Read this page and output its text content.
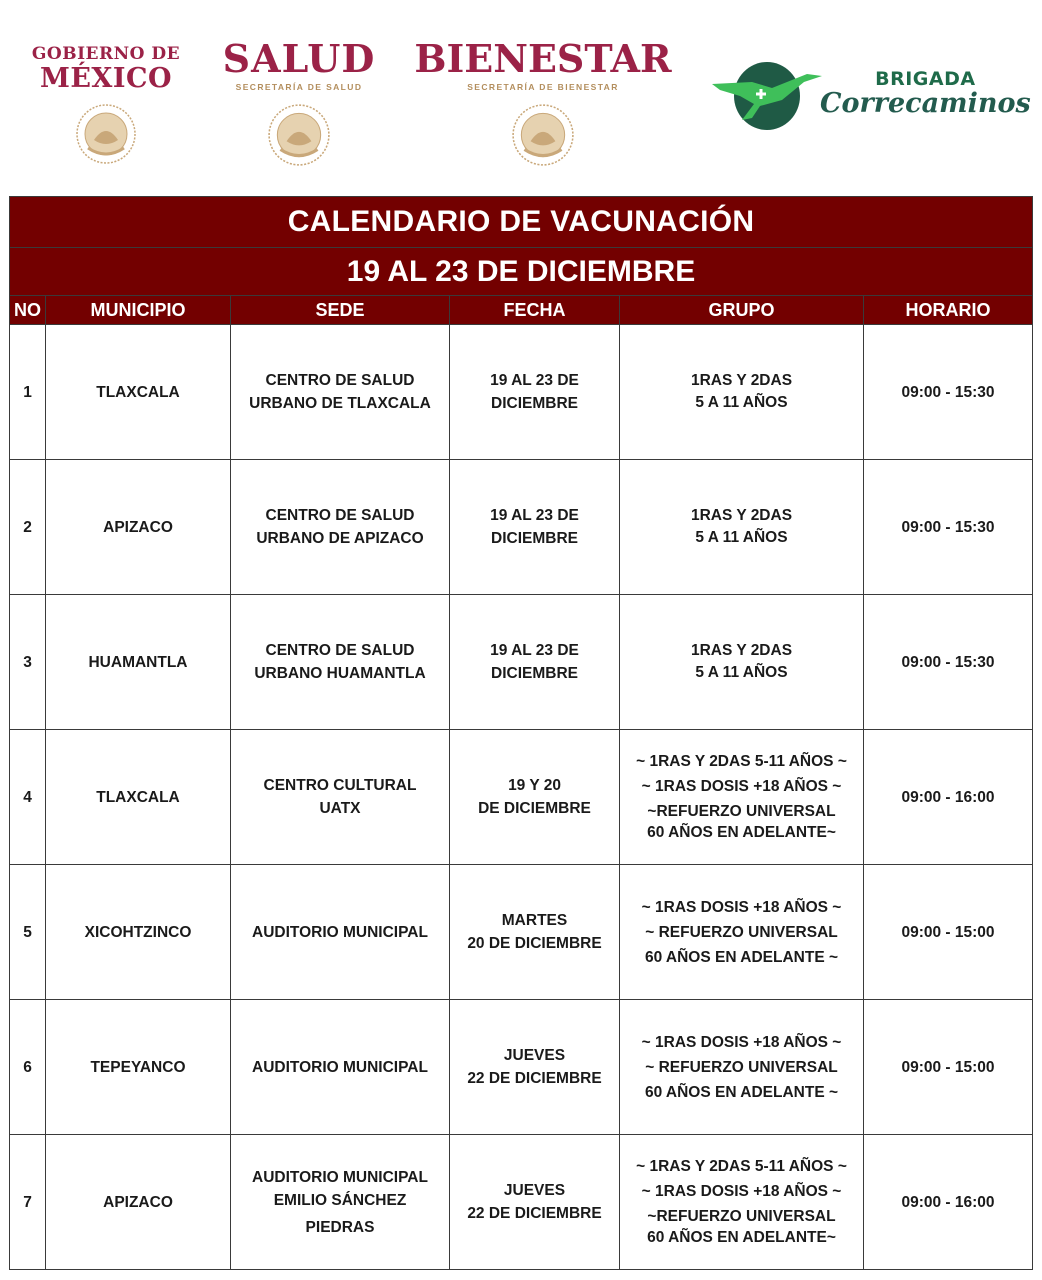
GOBIERNO DE
MÉXICO	SALUD
SECRETARÍA DE SALUD
BIENESTAR
SECRETARÍA DE BIENESTAR	BRIGADA
Correcaminos
CALENDARIO DE VACUNACIÓN					
19 AL 23 DE DICIEMBRE					
NO	MUNICIPIO	SEDE	FECHA	GRUPO	HORARIO
1	TLAXCALA	CENTRO DE SALUD
URBANO DE TLAXCALA	19 AL 23 DE
DICIEMBRE	1RAS Y 2DAS
5 A 11 AÑOS	09:00 - 15:30
2	APIZACO	CENTRO DE SALUD
URBANO DE APIZACO	19 AL 23 DE
DICIEMBRE	1RAS Y 2DAS
5 A 11 AÑOS	09:00 - 15:30
3	HUAMANTLA	CENTRO DE SALUD
URBANO HUAMANTLA	19 AL 23 DE
DICIEMBRE	1RAS Y 2DAS
5 A 11 AÑOS	09:00 - 15:30
4	TLAXCALA	CENTRO CULTURAL
UATX	19 Y 20
DE DICIEMBRE	~ 1RAS Y 2DAS 5-11 AÑOS ~
~ 1RAS DOSIS +18 AÑOS ~
~REFUERZO UNIVERSAL
60 AÑOS EN ADELANTE~	09:00 - 16:00
5	XICOHTZINCO	AUDITORIO MUNICIPAL	MARTES
20 DE DICIEMBRE	~ 1RAS DOSIS +18 AÑOS ~
~ REFUERZO UNIVERSAL
60 AÑOS EN ADELANTE ~	09:00 - 15:00
6	TEPEYANCO	AUDITORIO MUNICIPAL	JUEVES
22 DE DICIEMBRE	~ 1RAS DOSIS +18 AÑOS ~
~ REFUERZO UNIVERSAL
60 AÑOS EN ADELANTE ~	09:00 - 15:00
7	APIZACO	AUDITORIO MUNICIPAL
EMILIO SÁNCHEZ
PIEDRAS	JUEVES
22 DE DICIEMBRE	~ 1RAS Y 2DAS 5-11 AÑOS ~
~ 1RAS DOSIS +18 AÑOS ~
~REFUERZO UNIVERSAL
60 AÑOS EN ADELANTE~	09:00 - 16:00
